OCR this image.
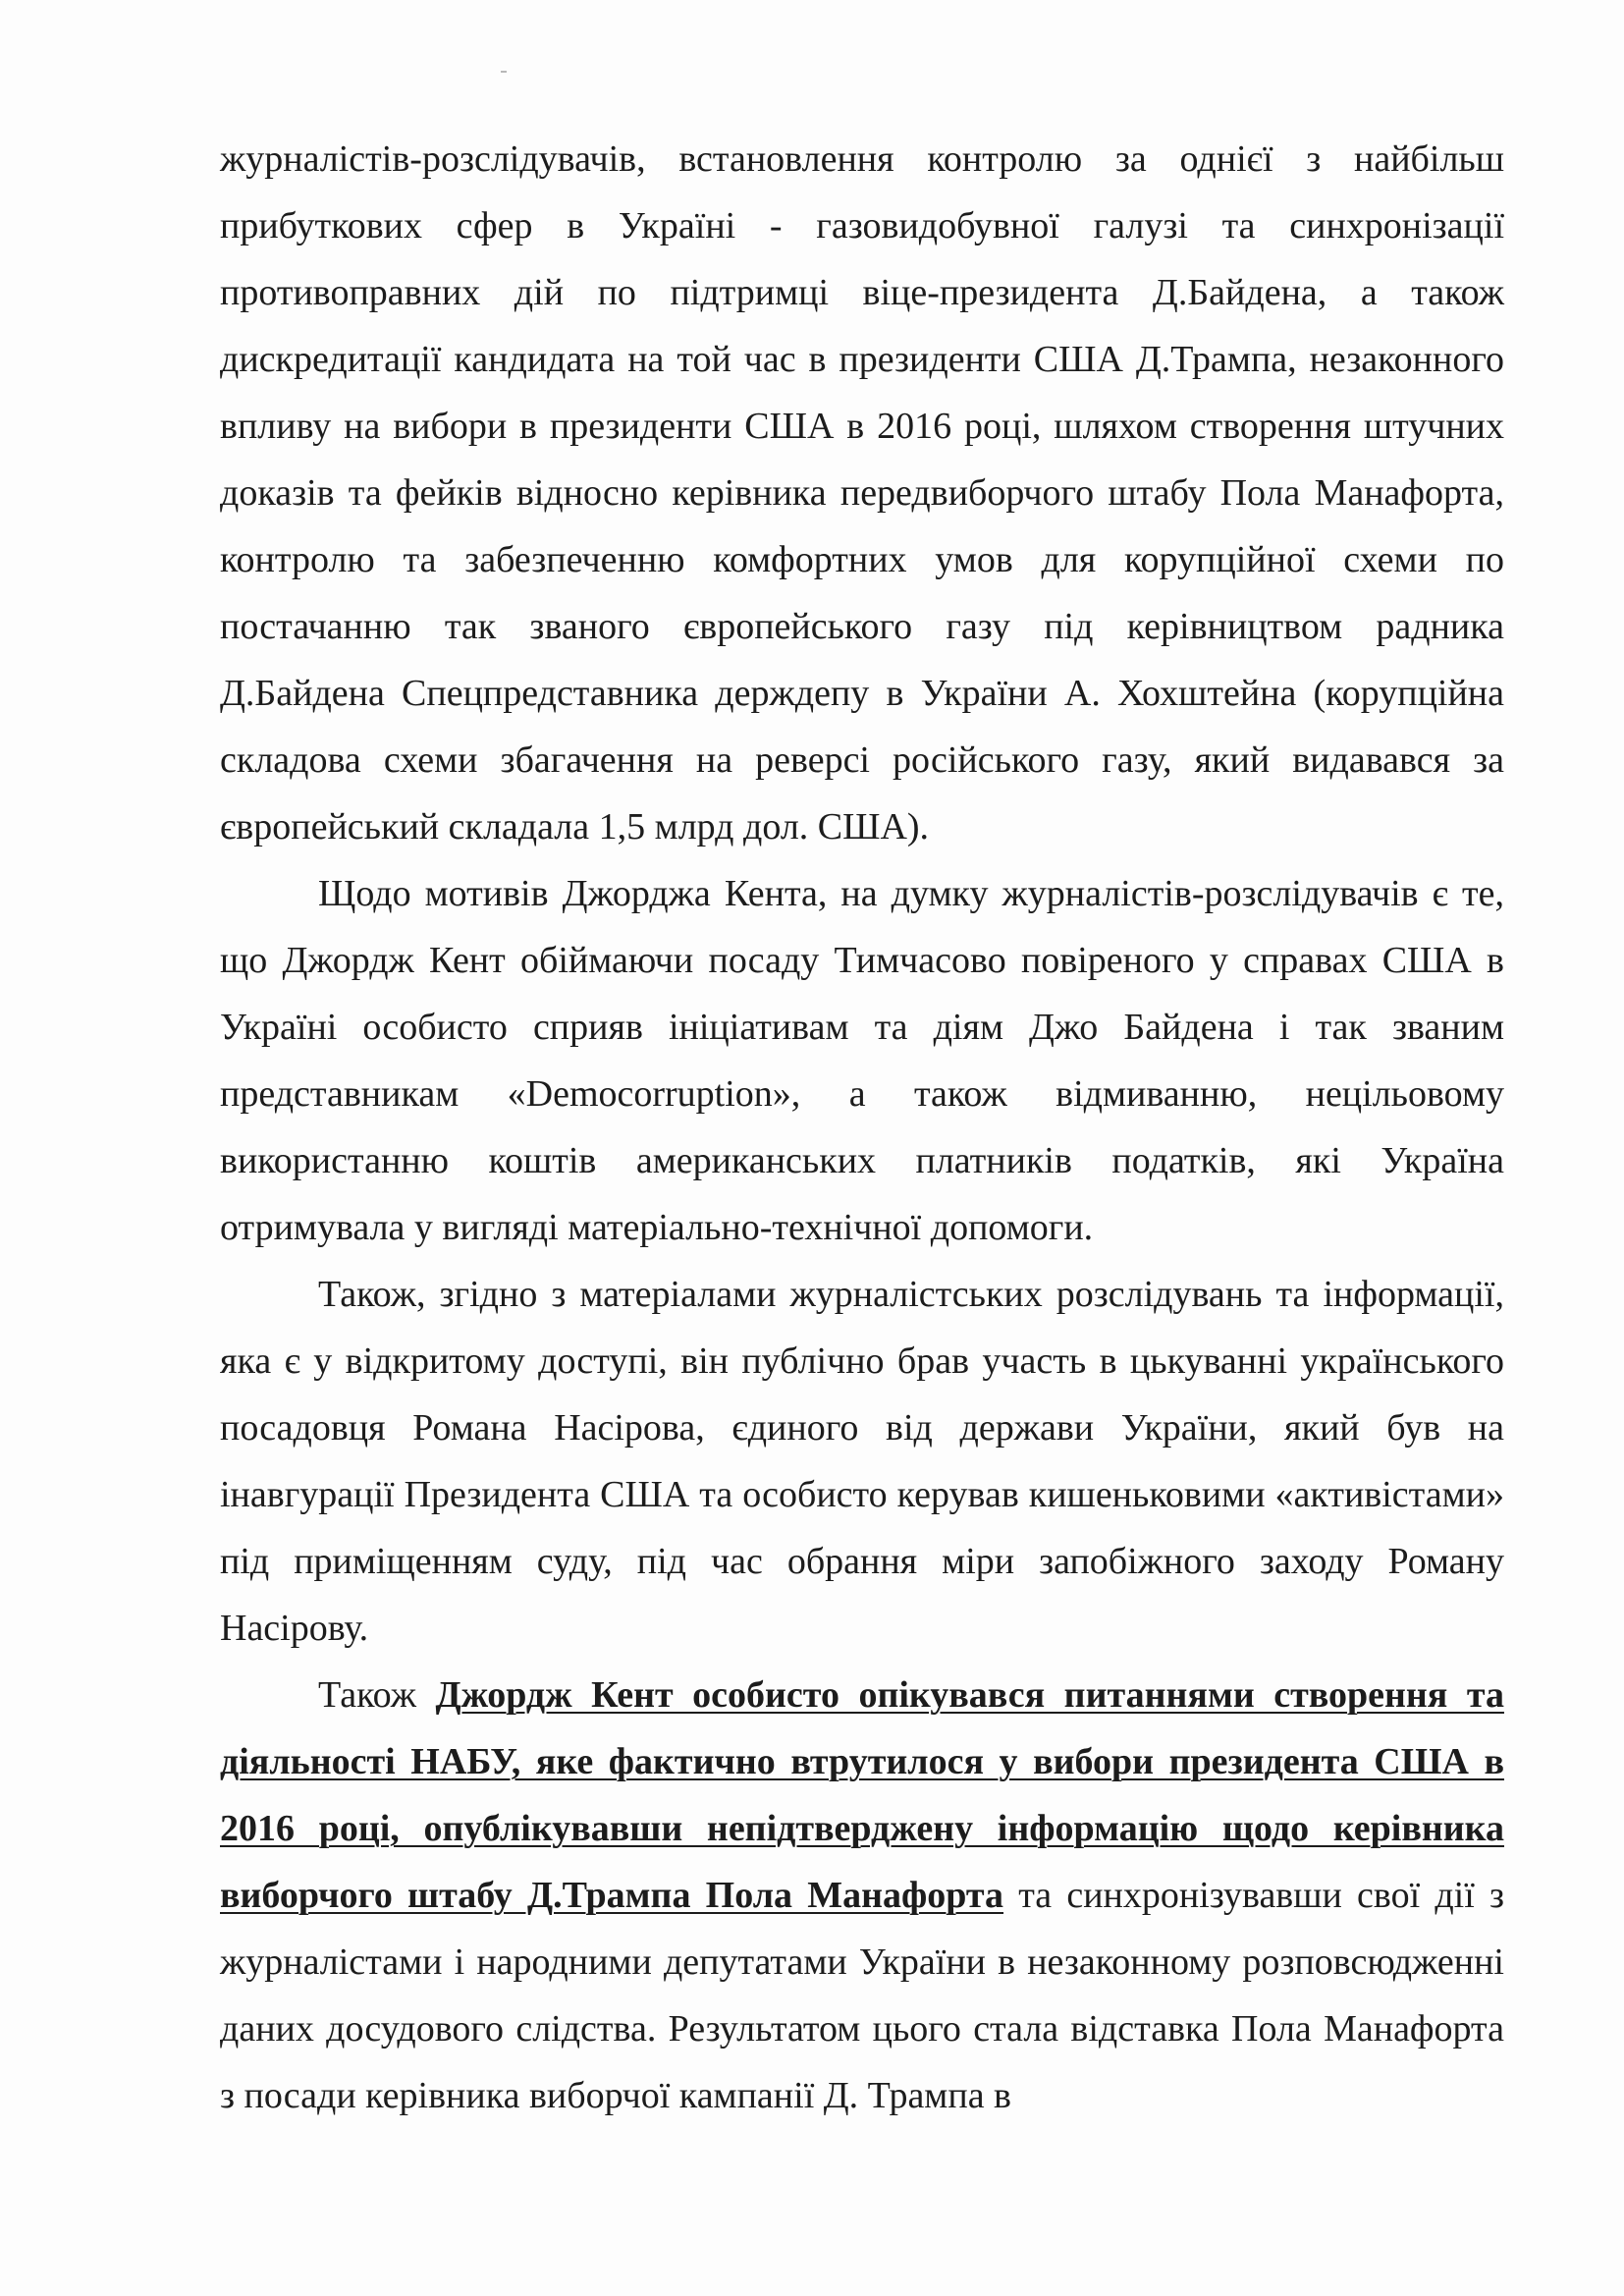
журналістів-розслідувачів, встановлення контролю за однієї з найбільш прибуткових сфер в Україні - газовидобувної галузі та синхронізації противоправних дій по підтримці віце-президента Д.Байдена, а також дискредитації кандидата на той час в президенти США Д.Трампа, незаконного впливу на вибори в президенти США в 2016 році, шляхом створення штучних доказів та фейків відносно керівника передвиборчого штабу Пола Манафорта, контролю та забезпеченню комфортних умов для корупційної схеми по постачанню так званого європейського газу під керівництвом радника Д.Байдена Спецпредставника держдепу в України А. Хохштейна (корупційна складова схеми збагачення на реверсі російського газу, який видавався за європейський складала 1,5 млрд дол. США).

Щодо мотивів Джорджа Кента, на думку журналістів-розслідувачів є те, що Джордж Кент обіймаючи посаду Тимчасово повіреного у справах США в Україні особисто сприяв ініціативам та діям Джо Байдена і так званим представникам «Democorruption», а також відмиванню, нецільовому використанню коштів американських платників податків, які Україна отримувала у вигляді матеріально-технічної допомоги.

Також, згідно з матеріалами журналістських розслідувань та інформації, яка є у відкритому доступі, він публічно брав участь в цькуванні українського посадовця Романа Насірова, єдиного від держави України, який був на інавгурації Президента США та особисто керував кишеньковими «активістами» під приміщенням суду, під час обрання міри запобіжного заходу Роману Насірову.

Також Джордж Кент особисто опікувався питаннями створення та діяльності НАБУ, яке фактично втрутилося у вибори президента США в 2016 році, опублікувавши непідтверджену інформацію щодо керівника виборчого штабу Д.Трампа Пола Манафорта та синхронізувавши свої дії з журналістами і народними депутатами України в незаконному розповсюдженні даних досудового слідства. Результатом цього стала відставка Пола Манафорта з посади керівника виборчої кампанії Д. Трампа в
